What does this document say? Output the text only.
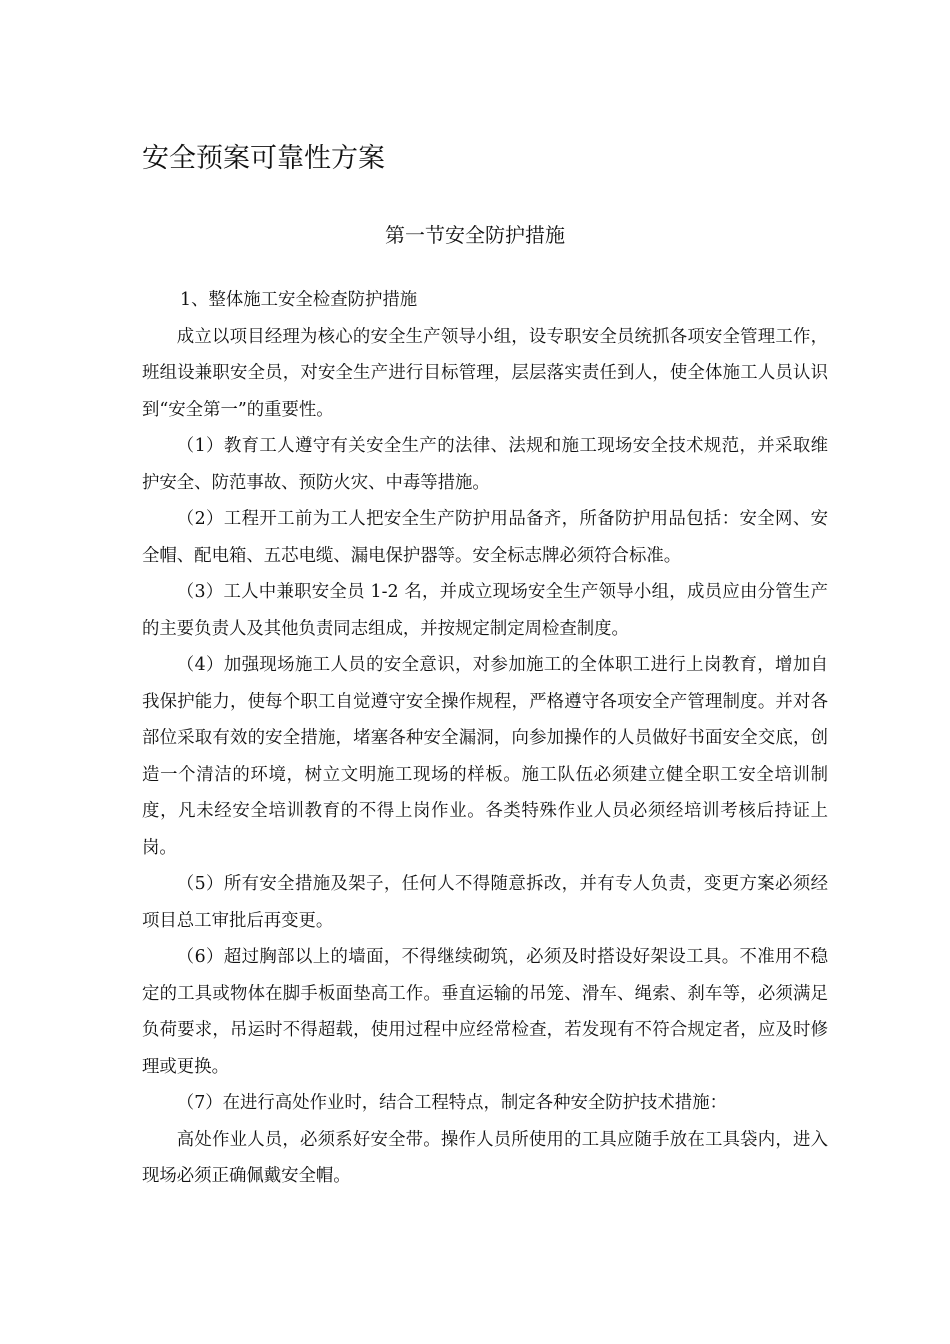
安全预案可靠性方案
第一节安全防护措施

1、整体施工安全检查防护措施

成立以项目经理为核心的安全生产领导小组，设专职安全员统抓各项安全管理工作，班组设兼职安全员，对安全生产进行目标管理，层层落实责任到人，使全体施工人员认识到“安全第一”的重要性。

（1）教育工人遵守有关安全生产的法律、法规和施工现场安全技术规范，并采取维护安全、防范事故、预防火灾、中毒等措施。

（2）工程开工前为工人把安全生产防护用品备齐，所备防护用品包括：安全网、安全帽、配电箱、五芯电缆、漏电保护器等。安全标志牌必须符合标准。

（3）工人中兼职安全员 1-2 名，并成立现场安全生产领导小组，成员应由分管生产的主要负责人及其他负责同志组成，并按规定制定周检查制度。

（4）加强现场施工人员的安全意识，对参加施工的全体职工进行上岗教育，增加自我保护能力，使每个职工自觉遵守安全操作规程，严格遵守各项安全产管理制度。并对各部位采取有效的安全措施，堵塞各种安全漏洞，向参加操作的人员做好书面安全交底，创造一个清洁的环境，树立文明施工现场的样板。施工队伍必须建立健全职工安全培训制度，凡未经安全培训教育的不得上岗作业。各类特殊作业人员必须经培训考核后持证上岗。

（5）所有安全措施及架子，任何人不得随意拆改，并有专人负责，变更方案必须经项目总工审批后再变更。

（6）超过胸部以上的墙面，不得继续砌筑，必须及时搭设好架设工具。不准用不稳定的工具或物体在脚手板面垫高工作。垂直运输的吊笼、滑车、绳索、刹车等，必须满足负荷要求，吊运时不得超载，使用过程中应经常检查，若发现有不符合规定者，应及时修理或更换。

（7）在进行高处作业时，结合工程特点，制定各种安全防护技术措施：

高处作业人员，必须系好安全带。操作人员所使用的工具应随手放在工具袋内，进入现场必须正确佩戴安全帽。
